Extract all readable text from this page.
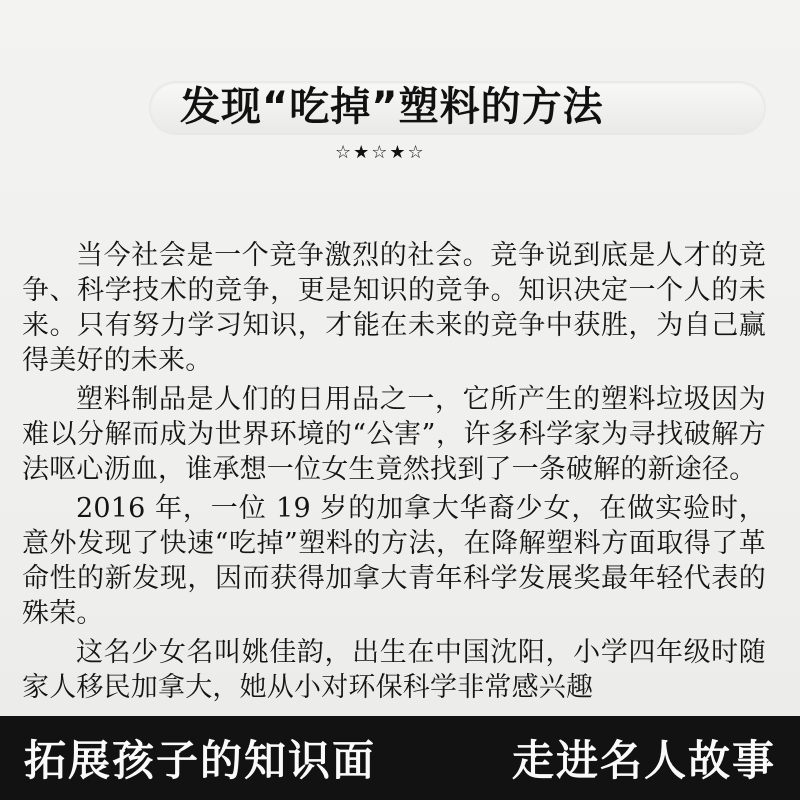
发现“吃掉”塑料的方法
☆★☆★☆

当今社会是一个竞争激烈的社会。竞争说到底是人才的竞争、科学技术的竞争，更是知识的竞争。知识决定一个人的未来。只有努力学习知识，才能在未来的竞争中获胜，为自己赢得美好的未来。

塑料制品是人们的日用品之一，它所产生的塑料垃圾因为难以分解而成为世界环境的“公害”，许多科学家为寻找破解方法呕心沥血，谁承想一位女生竟然找到了一条破解的新途径。

2016 年，一位 19 岁的加拿大华裔少女，在做实验时，意外发现了快速“吃掉”塑料的方法，在降解塑料方面取得了革命性的新发现，因而获得加拿大青年科学发展奖最年轻代表的殊荣。

这名少女名叫姚佳韵，出生在中国沈阳，小学四年级时随家人移民加拿大，她从小对环保科学非常感兴趣

拓展孩子的知识面	走进名人故事
